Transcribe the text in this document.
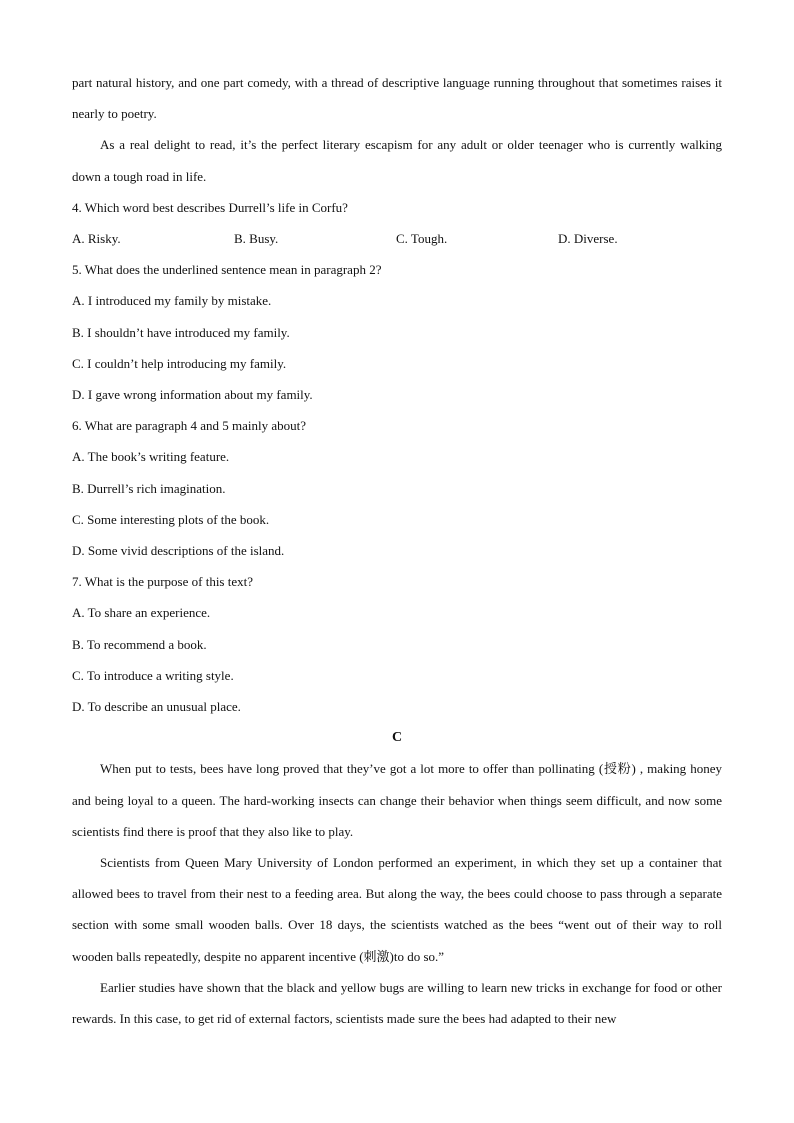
part natural history, and one part comedy, with a thread of descriptive language running throughout that sometimes raises it nearly to poetry.

As a real delight to read, it’s the perfect literary escapism for any adult or older teenager who is currently walking down a tough road in life.

4. Which word best describes Durrell’s life in Corfu?

A. Risky.	B. Busy.	C. Tough.	D. Diverse.

5. What does the underlined sentence mean in paragraph 2?

A. I introduced my family by mistake.

B. I shouldn’t have introduced my family.

C. I couldn’t help introducing my family.

D. I gave wrong information about my family.

6. What are paragraph 4 and 5 mainly about?

A. The book’s writing feature.

B. Durrell’s rich imagination.

C. Some interesting plots of the book.

D. Some vivid descriptions of the island.

7. What is the purpose of this text?

A. To share an experience.

B. To recommend a book.

C. To introduce a writing style.

D. To describe an unusual place.

C

When put to tests, bees have long proved that they’ve got a lot more to offer than pollinating (授粉) , making honey and being loyal to a queen. The hard-working insects can change their behavior when things seem difficult, and now some scientists find there is proof that they also like to play.

Scientists from Queen Mary University of London performed an experiment, in which they set up a container that allowed bees to travel from their nest to a feeding area. But along the way, the bees could choose to pass through a separate section with some small wooden balls. Over 18 days, the scientists watched as the bees “went out of their way to roll wooden balls repeatedly, despite no apparent incentive (刺激)to do so.”

Earlier studies have shown that the black and yellow bugs are willing to learn new tricks in exchange for food or other rewards. In this case, to get rid of external factors, scientists made sure the bees had adapted to their new
